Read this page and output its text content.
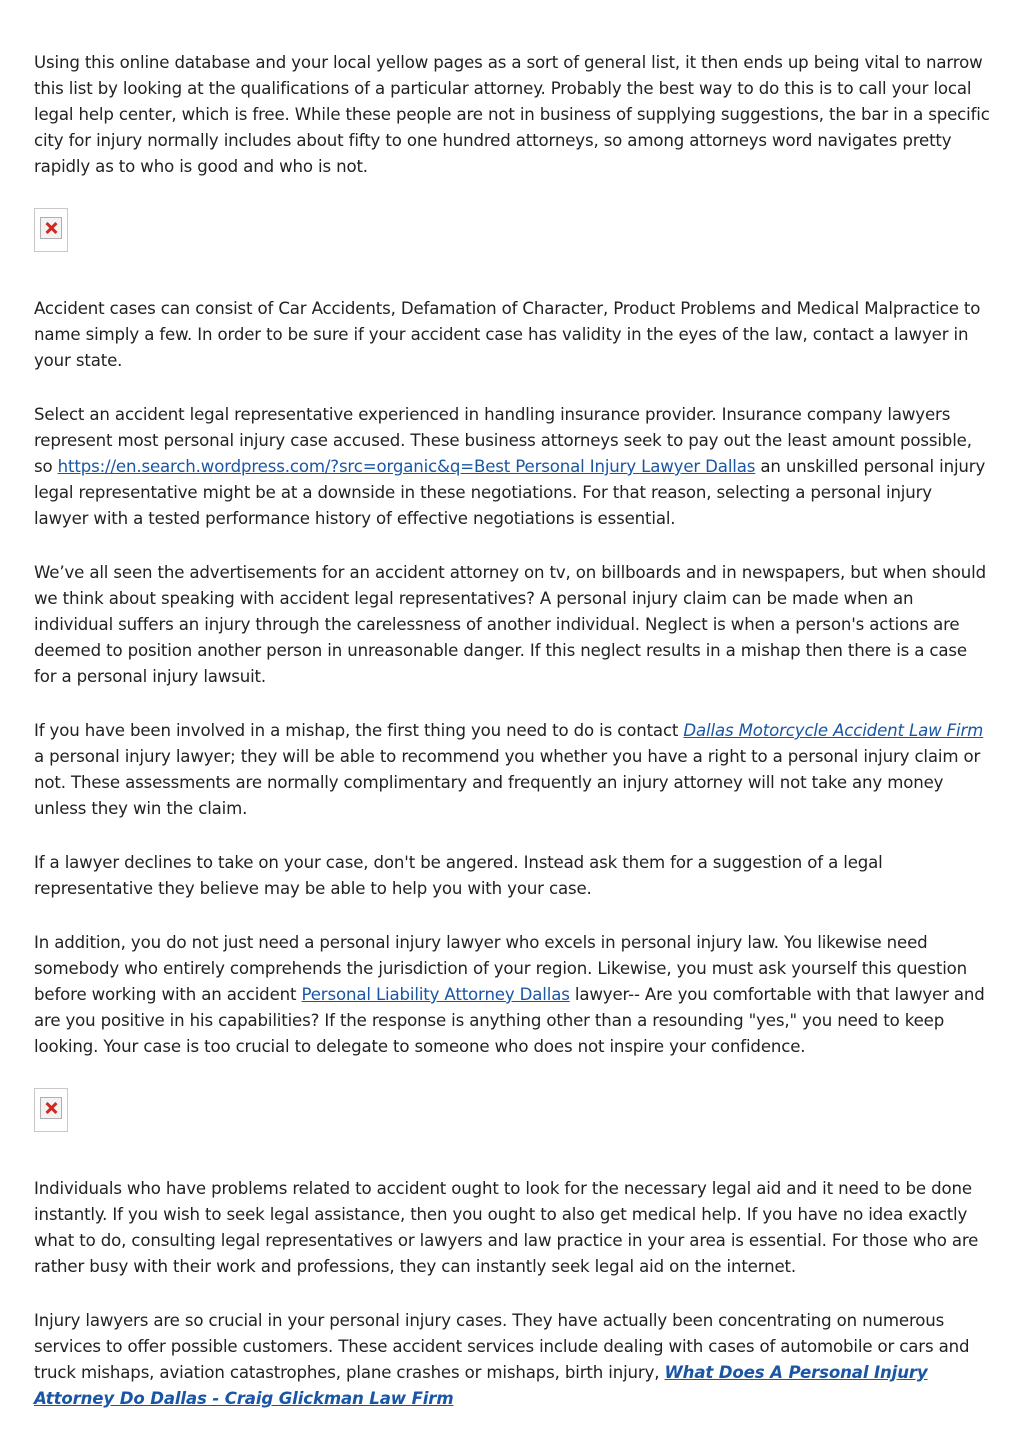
Using this online database and your local yellow pages as a sort of general list, it then ends up being vital to narrow this list by looking at the qualifications of a particular attorney. Probably the best way to do this is to call your local legal help center, which is free. While these people are not in business of supplying suggestions, the bar in a specific city for injury normally includes about fifty to one hundred attorneys, so among attorneys word navigates pretty rapidly as to who is good and who is not.

Accident cases can consist of Car Accidents, Defamation of Character, Product Problems and Medical Malpractice to name simply a few. In order to be sure if your accident case has validity in the eyes of the law, contact a lawyer in your state.

Select an accident legal representative experienced in handling insurance provider. Insurance company lawyers represent most personal injury case accused. These business attorneys seek to pay out the least amount possible, so https://en.search.wordpress.com/?src=organic&q=Best Personal Injury Lawyer Dallas an unskilled personal injury legal representative might be at a downside in these negotiations. For that reason, selecting a personal injury lawyer with a tested performance history of effective negotiations is essential.

We’ve all seen the advertisements for an accident attorney on tv, on billboards and in newspapers, but when should we think about speaking with accident legal representatives? A personal injury claim can be made when an individual suffers an injury through the carelessness of another individual. Neglect is when a person's actions are deemed to position another person in unreasonable danger. If this neglect results in a mishap then there is a case for a personal injury lawsuit.

If you have been involved in a mishap, the first thing you need to do is contact Dallas Motorcycle Accident Law Firm a personal injury lawyer; they will be able to recommend you whether you have a right to a personal injury claim or not. These assessments are normally complimentary and frequently an injury attorney will not take any money unless they win the claim.

If a lawyer declines to take on your case, don't be angered. Instead ask them for a suggestion of a legal representative they believe may be able to help you with your case.

In addition, you do not just need a personal injury lawyer who excels in personal injury law. You likewise need somebody who entirely comprehends the jurisdiction of your region. Likewise, you must ask yourself this question before working with an accident Personal Liability Attorney Dallas lawyer-- Are you comfortable with that lawyer and are you positive in his capabilities? If the response is anything other than a resounding "yes," you need to keep looking. Your case is too crucial to delegate to someone who does not inspire your confidence.

Individuals who have problems related to accident ought to look for the necessary legal aid and it need to be done instantly. If you wish to seek legal assistance, then you ought to also get medical help. If you have no idea exactly what to do, consulting legal representatives or lawyers and law practice in your area is essential. For those who are rather busy with their work and professions, they can instantly seek legal aid on the internet.

Injury lawyers are so crucial in your personal injury cases. They have actually been concentrating on numerous services to offer possible customers. These accident services include dealing with cases of automobile or cars and truck mishaps, aviation catastrophes, plane crashes or mishaps, birth injury, What Does A Personal Injury Attorney Do Dallas - Craig Glickman Law Firm
